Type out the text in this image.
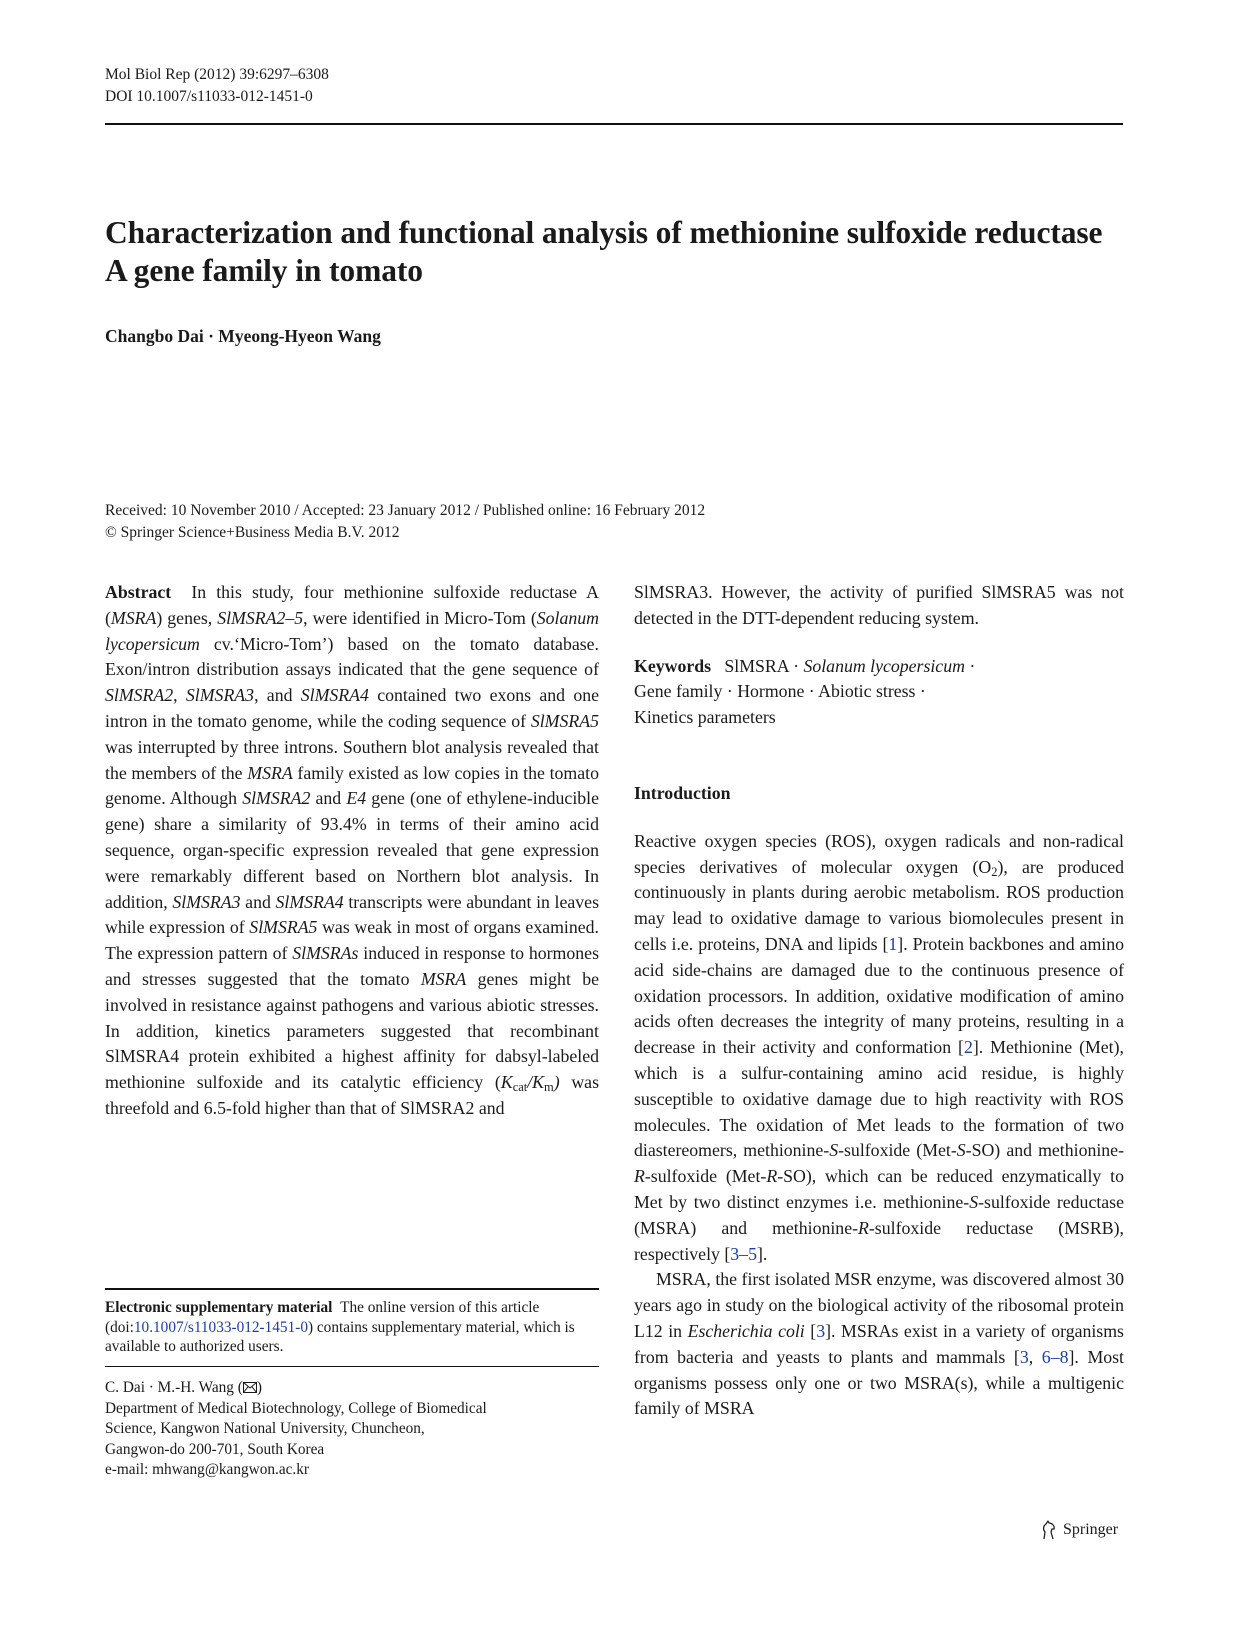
Mol Biol Rep (2012) 39:6297–6308
DOI 10.1007/s11033-012-1451-0
Characterization and functional analysis of methionine sulfoxide reductase A gene family in tomato
Changbo Dai · Myeong-Hyeon Wang
Received: 10 November 2010 / Accepted: 23 January 2012 / Published online: 16 February 2012
© Springer Science+Business Media B.V. 2012

Abstract  In this study, four methionine sulfoxide reductase A (MSRA) genes, SlMSRA2–5, were identified in Micro-Tom (Solanum lycopersicum cv.‘Micro-Tom’) based on the tomato database. Exon/intron distribution assays indicated that the gene sequence of SlMSRA2, SlMSRA3, and SlMSRA4 contained two exons and one intron in the tomato genome, while the coding sequence of SlMSRA5 was interrupted by three introns. Southern blot analysis revealed that the members of the MSRA family existed as low copies in the tomato genome. Although SlMSRA2 and E4 gene (one of ethylene-inducible gene) share a similarity of 93.4% in terms of their amino acid sequence, organ-specific expression revealed that gene expression were remarkably different based on Northern blot analysis. In addition, SlMSRA3 and SlMSRA4 transcripts were abundant in leaves while expression of SlMSRA5 was weak in most of organs examined. The expression pattern of SlMSRAs induced in response to hormones and stresses suggested that the tomato MSRA genes might be involved in resistance against pathogens and various abiotic stresses. In addition, kinetics parameters suggested that recombinant SlMSRA4 protein exhibited a highest affinity for dabsyl-labeled methionine sulfoxide and its catalytic efficiency $(K_{cat}/K_m)$ was threefold and 6.5-fold higher than that of SlMSRA2 and

Electronic supplementary material The online version of this article (doi:10.1007/s11033-012-1451-0) contains supplementary material, which is available to authorized users.
C. Dai · M.-H. Wang ( )
Department of Medical Biotechnology, College of Biomedical
Science, Kangwon National University, Chuncheon,
Gangwon-do 200-701, South Korea
e-mail: mhwang@kangwon.ac.kr

SlMSRA3. However, the activity of purified SlMSRA5 was not detected in the DTT-dependent reducing system.

Keywords   SlMSRA · Solanum lycopersicum ·
Gene family · Hormone · Abiotic stress ·
Kinetics parameters

Introduction

Reactive oxygen species (ROS), oxygen radicals and non-radical species derivatives of molecular oxygen $(O_2)$, are produced continuously in plants during aerobic metabolism. ROS production may lead to oxidative damage to various biomolecules present in cells i.e. proteins, DNA and lipids [1]. Protein backbones and amino acid side-chains are damaged due to the continuous presence of oxidation processors. In addition, oxidative modification of amino acids often decreases the integrity of many proteins, resulting in a decrease in their activity and conformation [2]. Methionine (Met), which is a sulfur-containing amino acid residue, is highly susceptible to oxidative damage due to high reactivity with ROS molecules. The oxidation of Met leads to the formation of two diastereomers, methionine-S-sulfoxide (Met-S-SO) and methionine-R-sulfoxide (Met-R-SO), which can be reduced enzymatically to Met by two distinct enzymes i.e. methionine-S-sulfoxide reductase (MSRA) and methionine-R-sulfoxide reductase (MSRB), respectively [3–5].

MSRA, the first isolated MSR enzyme, was discovered almost 30 years ago in study on the biological activity of the ribosomal protein L12 in Escherichia coli [3]. MSRAs exist in a variety of organisms from bacteria and yeasts to plants and mammals [3, 6–8]. Most organisms possess only one or two MSRA(s), while a multigenic family of MSRA

Springer
